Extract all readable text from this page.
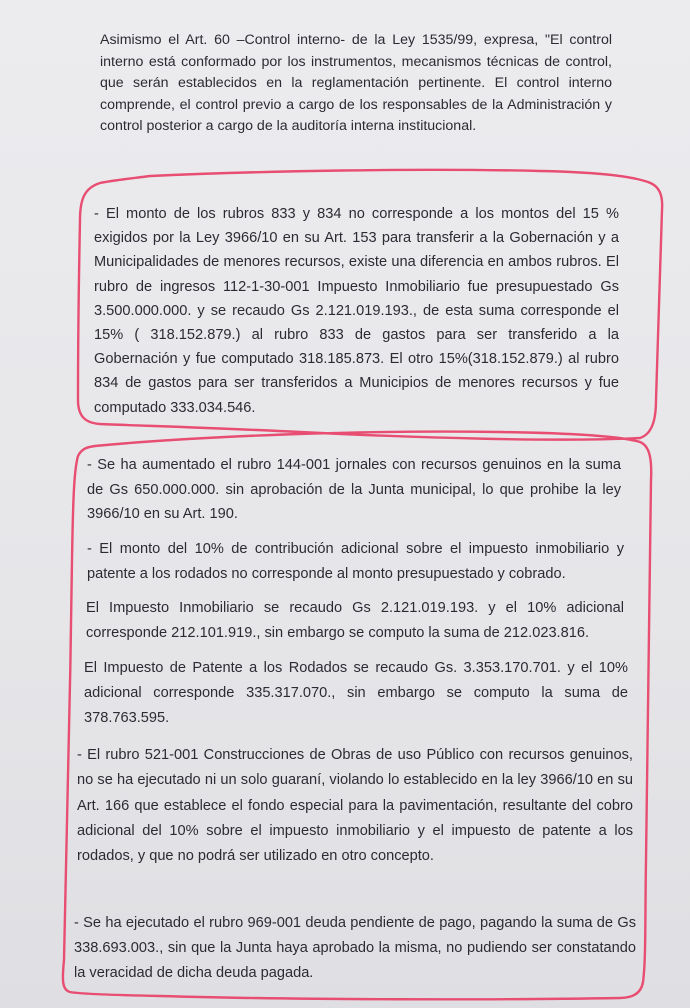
Asimismo el Art. 60 –Control interno- de la Ley 1535/99, expresa, "El control interno está conformado por los instrumentos, mecanismos técnicas de control, que serán establecidos en la reglamentación pertinente. El control interno comprende, el control previo a cargo de los responsables de la Administración y control posterior a cargo de la auditoría interna institucional.

- El monto de los rubros 833 y 834 no corresponde a los montos del 15 % exigidos por la Ley 3966/10 en su Art. 153 para transferir a la Gobernación y a Municipalidades de menores recursos, existe una diferencia en ambos rubros. El rubro de ingresos 112-1-30-001 Impuesto Inmobiliario fue presupuestado Gs 3.500.000.000. y se recaudo Gs 2.121.019.193., de esta suma corresponde el 15% ( 318.152.879.) al rubro 833 de gastos para ser transferido a la Gobernación y fue computado 318.185.873. El otro 15%(318.152.879.) al rubro 834 de gastos para ser transferidos a Municipios de menores recursos y fue computado 333.034.546.

- Se ha aumentado el rubro 144-001 jornales con recursos genuinos en la suma de Gs 650.000.000. sin aprobación de la Junta municipal, lo que prohibe la ley 3966/10 en su Art. 190.

- El monto del 10% de contribución adicional sobre el impuesto inmobiliario y patente a los rodados no corresponde al monto presupuestado y cobrado.

El Impuesto Inmobiliario se recaudo Gs 2.121.019.193. y el 10% adicional corresponde 212.101.919., sin embargo se computo la suma de 212.023.816.

El Impuesto de Patente a los Rodados se recaudo Gs. 3.353.170.701. y el 10% adicional corresponde 335.317.070., sin embargo se computo la suma de 378.763.595.

- El rubro 521-001 Construcciones de Obras de uso Público con recursos genuinos, no se ha ejecutado ni un solo guaraní, violando lo establecido en la ley 3966/10 en su Art. 166 que establece el fondo especial para la pavimentación, resultante del cobro adicional del 10% sobre el impuesto inmobiliario y el impuesto de patente a los rodados, y que no podrá ser utilizado en otro concepto.

- Se ha ejecutado el rubro 969-001 deuda pendiente de pago, pagando la suma de Gs 338.693.003., sin que la Junta haya aprobado la misma, no pudiendo ser constatando la veracidad de dicha deuda pagada.
